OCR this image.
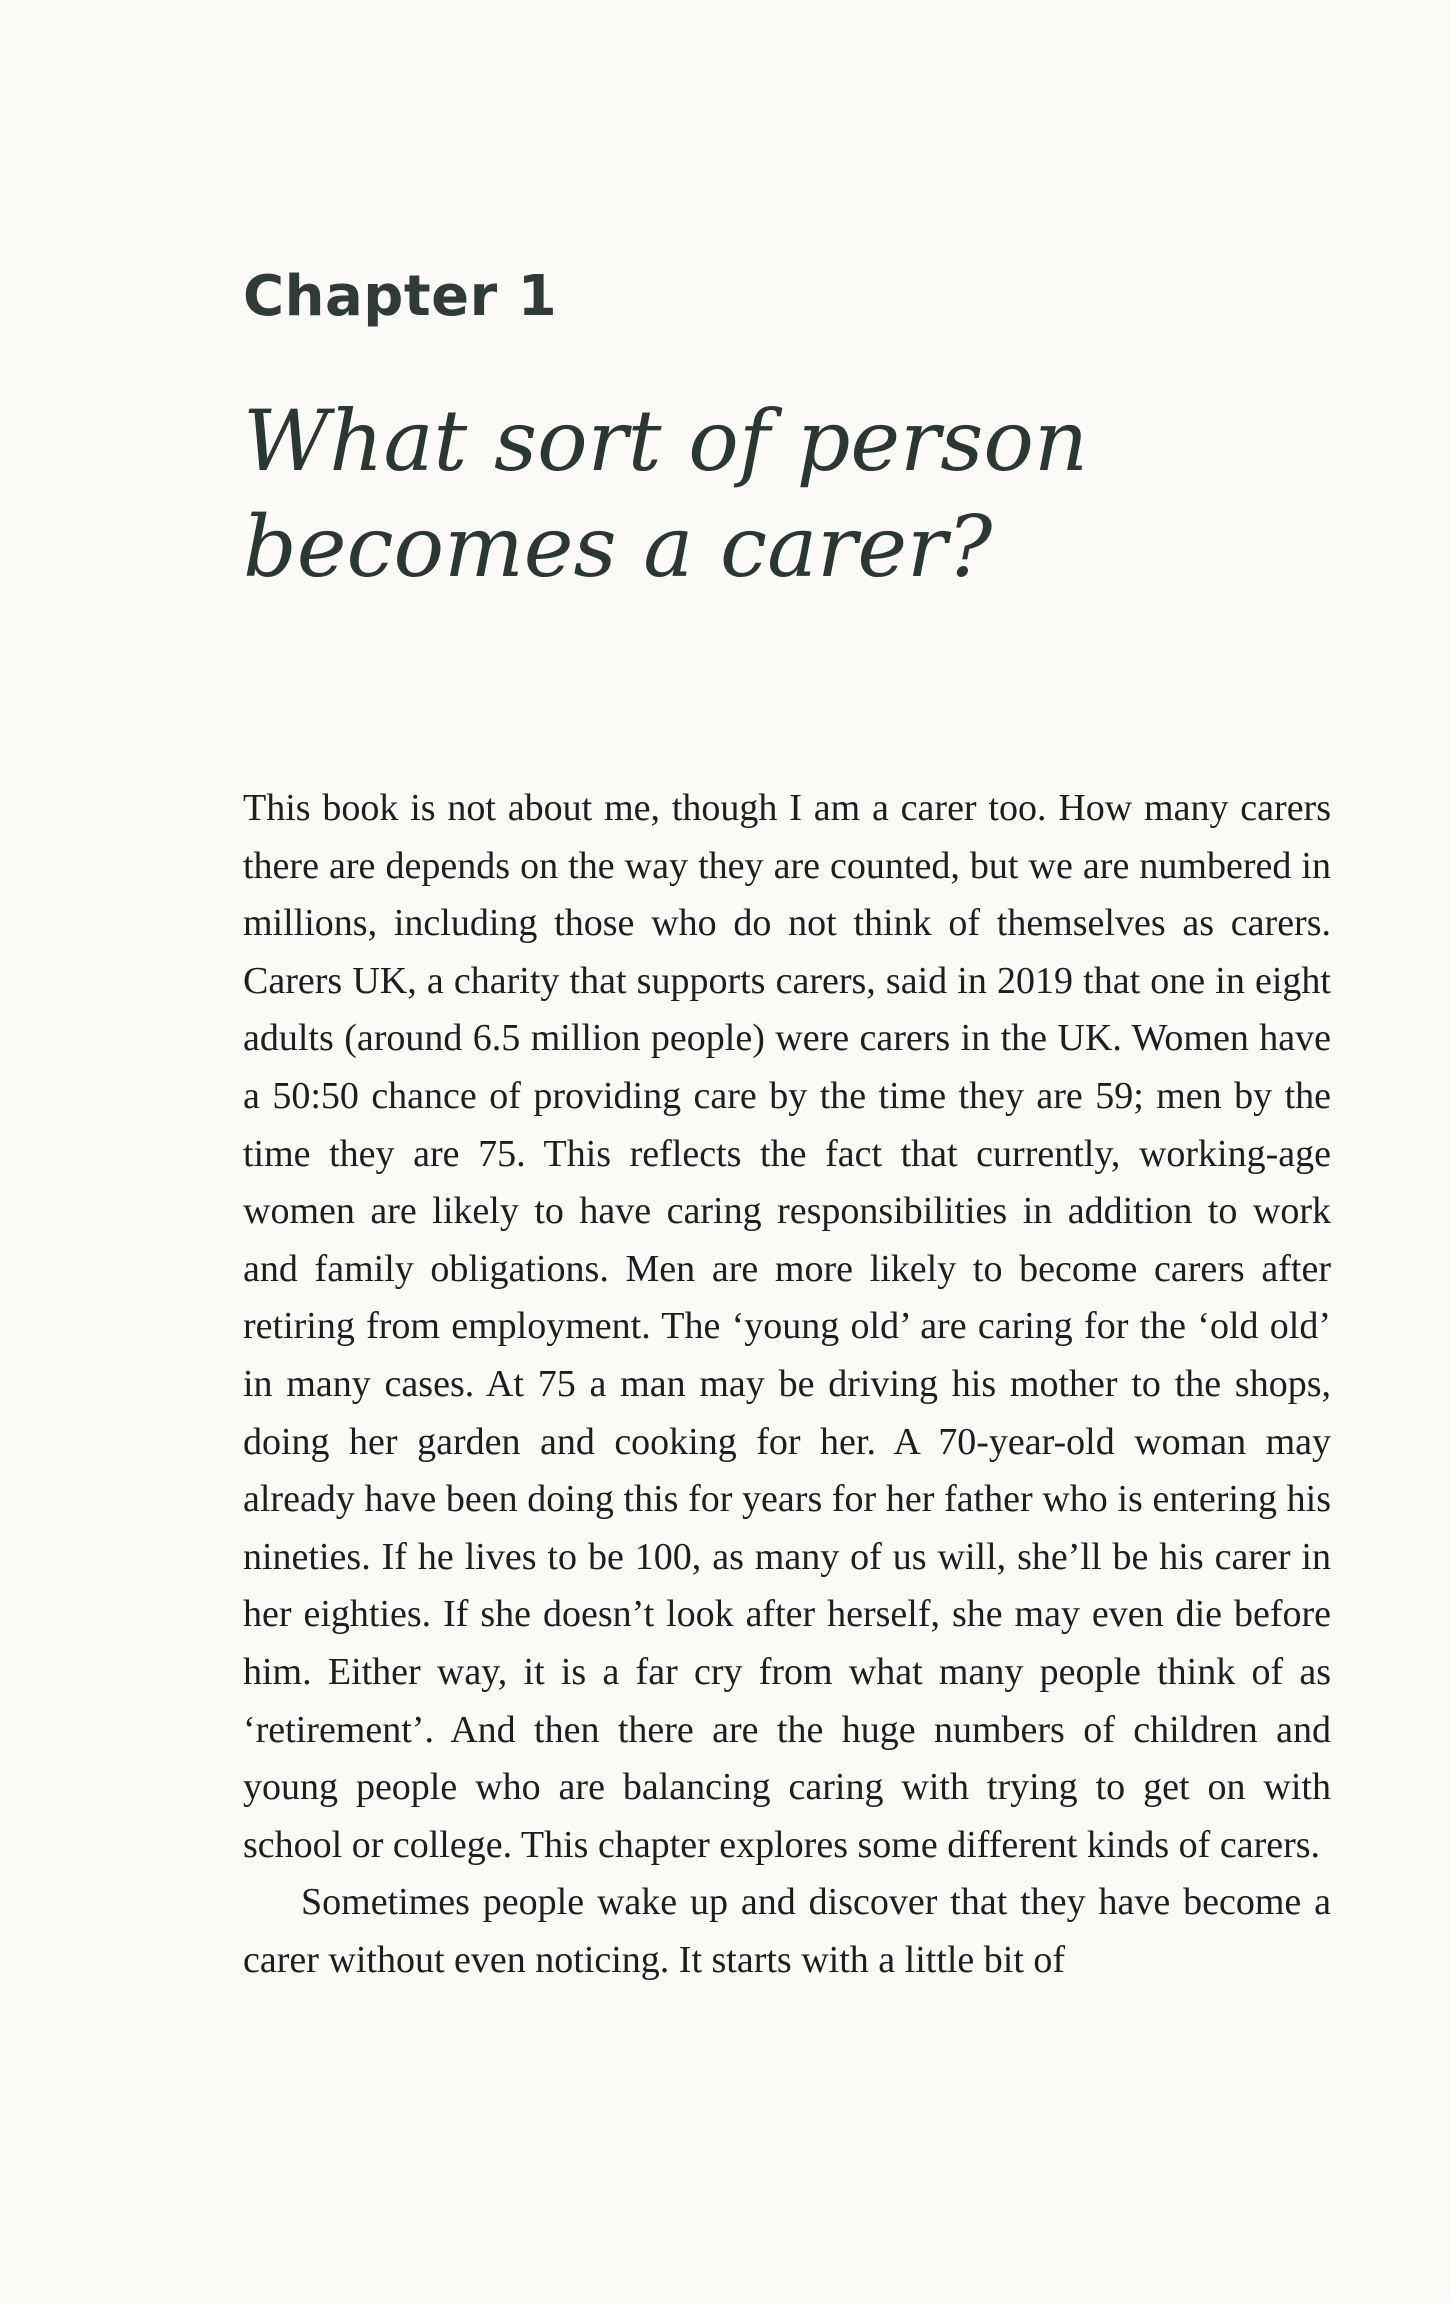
Chapter 1
What sort of person
becomes a carer?

This book is not about me, though I am a carer too. How many carers there are depends on the way they are counted, but we are numbered in millions, including those who do not think of themselves as carers. Carers UK, a charity that supports carers, said in 2019 that one in eight adults (around 6.5 million people) were carers in the UK. Women have a 50:50 chance of providing care by the time they are 59; men by the time they are 75. This reflects the fact that currently, working-age women are likely to have caring responsibilities in addition to work and family obligations. Men are more likely to become carers after retiring from employment. The ‘young old’ are caring for the ‘old old’ in many cases. At 75 a man may be driving his mother to the shops, doing her garden and cooking for her. A 70-year-old woman may already have been doing this for years for her father who is entering his nineties. If he lives to be 100, as many of us will, she’ll be his carer in her eighties. If she doesn’t look after herself, she may even die before him. Either way, it is a far cry from what many people think of as ‘retirement’. And then there are the huge numbers of children and young people who are balancing caring with trying to get on with school or college. This chapter explores some different kinds of carers.

Sometimes people wake up and discover that they have become a carer without even noticing. It starts with a little bit of
